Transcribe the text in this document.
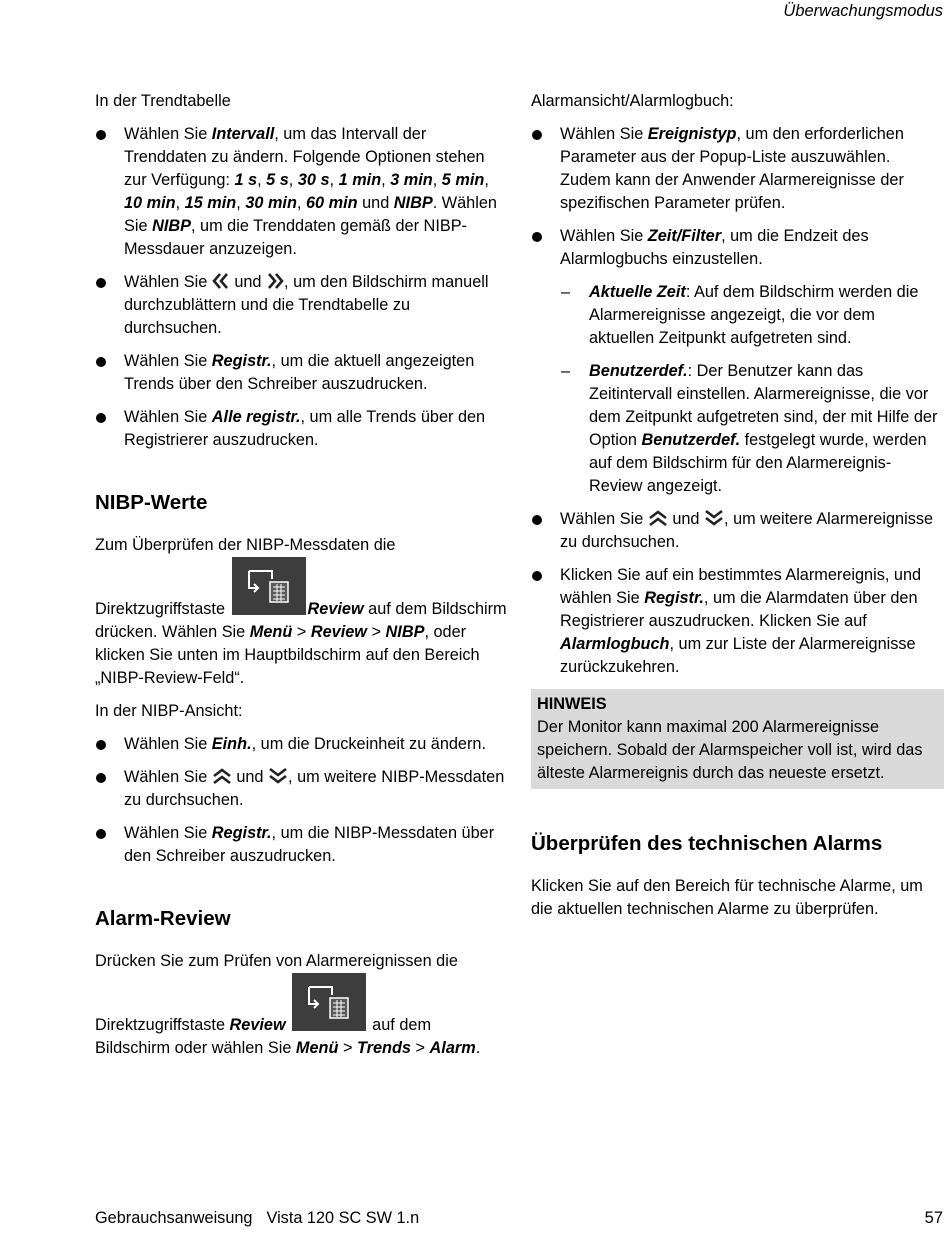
Überwachungsmodus

In der Trendtabelle

Wählen Sie Intervall, um das Intervall der Trenddaten zu ändern. Folgende Optionen stehen zur Verfügung: 1 s, 5 s, 30 s, 1 min, 3 min, 5 min, 10 min, 15 min, 30 min, 60 min und NIBP. Wählen Sie NIBP, um die Trenddaten gemäß der NIBP-Messdauer anzuzeigen.
Wählen Sie  und , um den Bildschirm manuell durchzublättern und die Trendtabelle zu durchsuchen.
Wählen Sie Registr., um die aktuell angezeigten Trends über den Schreiber auszudrucken.
Wählen Sie Alle registr., um alle Trends über den Registrierer auszudrucken.
NIBP-Werte

Zum Überprüfen der NIBP-Messdaten die

Direktzugriffstaste	Review auf dem Bildschirm drücken. Wählen Sie Menü > Review > NIBP, oder klicken Sie unten im Hauptbildschirm auf den Bereich „NIBP-Review-Feld“.

In der NIBP-Ansicht:

Wählen Sie Einh., um die Druckeinheit zu ändern.
Wählen Sie  und , um weitere NIBP-Messdaten zu durchsuchen.
Wählen Sie Registr., um die NIBP-Messdaten über den Schreiber auszudrucken.
Alarm-Review

Drücken Sie zum Prüfen von Alarmereignissen die

Direktzugriffstaste Review	auf dem Bildschirm oder wählen Sie Menü > Trends > Alarm.

Alarmansicht/Alarmlogbuch:

Wählen Sie Ereignistyp, um den erforderlichen Parameter aus der Popup-Liste auszuwählen. Zudem kann der Anwender Alarmereignisse der spezifischen Parameter prüfen.
Wählen Sie Zeit/Filter, um die Endzeit des Alarmlogbuchs einzustellen.
– Aktuelle Zeit: Auf dem Bildschirm werden die Alarmereignisse angezeigt, die vor dem aktuellen Zeitpunkt aufgetreten sind.
– Benutzerdef.: Der Benutzer kann das Zeitintervall einstellen. Alarmereignisse, die vor dem Zeitpunkt aufgetreten sind, der mit Hilfe der Option Benutzerdef. festgelegt wurde, werden auf dem Bildschirm für den Alarmereignis-Review angezeigt.
Wählen Sie  und , um weitere Alarmereignisse zu durchsuchen.
Klicken Sie auf ein bestimmtes Alarmereignis, und wählen Sie Registr., um die Alarmdaten über den Registrierer auszudrucken. Klicken Sie auf Alarmlogbuch, um zur Liste der Alarmereignisse zurückzukehren.
HINWEIS
Der Monitor kann maximal 200 Alarmereignisse speichern. Sobald der Alarmspeicher voll ist, wird das älteste Alarmereignis durch das neueste ersetzt.
Überprüfen des technischen Alarms

Klicken Sie auf den Bereich für technische Alarme, um die aktuellen technischen Alarme zu überprüfen.

Gebrauchsanweisung Vista 120 SC SW 1.n	57
